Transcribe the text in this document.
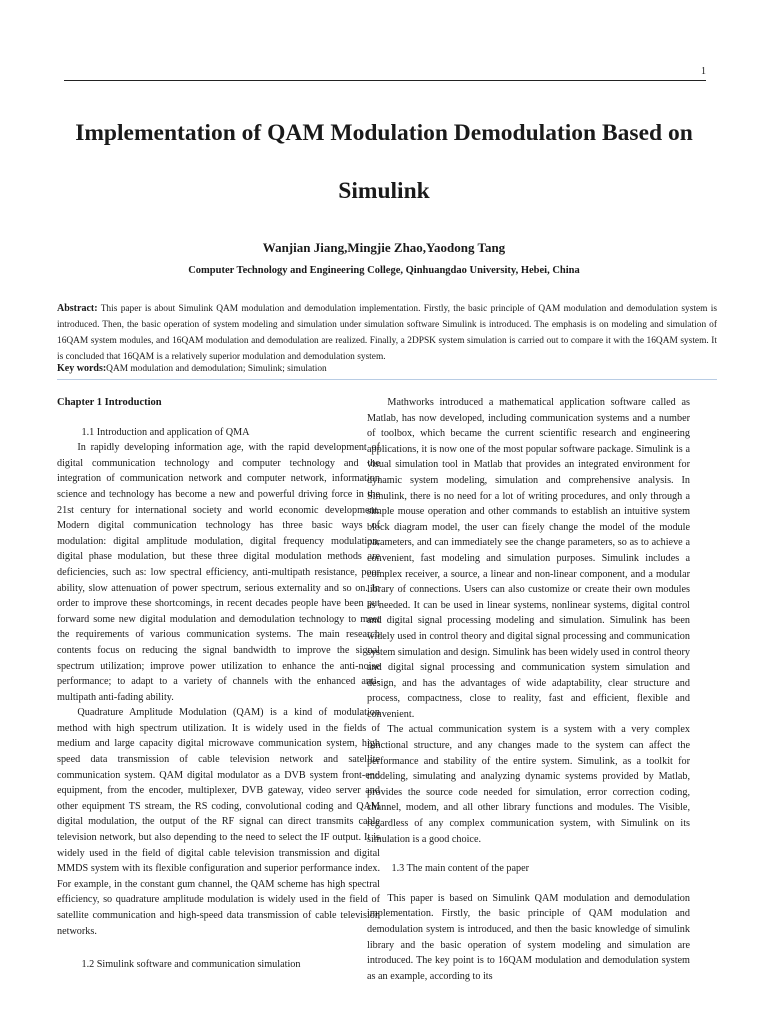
1
Implementation of QAM Modulation Demodulation Based on Simulink
Wanjian Jiang,Mingjie Zhao,Yaodong Tang
Computer Technology and Engineering College, Qinhuangdao University, Hebei, China

Abstract: This paper is about Simulink QAM modulation and demodulation implementation. Firstly, the basic principle of QAM modulation and demodulation system is introduced. Then, the basic operation of system modeling and simulation under simulation software Simulink is introduced. The emphasis is on modeling and simulation of 16QAM system modules, and 16QAM modulation and demodulation are realized. Finally, a 2DPSK system simulation is carried out to compare it with the 16QAM system. It is concluded that 16QAM is a relatively superior modulation and demodulation system.

Key words:QAM modulation and demodulation; Simulink; simulation

Chapter 1 Introduction

1.1 Introduction and application of QMA

In rapidly developing information age, with the rapid development of digital communication technology and computer technology and the integration of communication network and computer network, information science and technology has become a new and powerful driving force in the 21st century for international society and world economic development. Modern digital communication technology has three basic ways of modulation: digital amplitude modulation, digital frequency modulation, digital phase modulation, but these three digital modulation methods are deficiencies, such as: low spectral efficiency, anti-multipath resistance, poor ability, slow attenuation of power spectrum, serious externality and so on. In order to improve these shortcomings, in recent decades people have been put forward some new digital modulation and demodulation technology to meet the requirements of various communication systems. The main research contents focus on reducing the signal bandwidth to improve the signal spectrum utilization; improve power utilization to enhance the anti-noise performance; to adapt to a variety of channels with the enhanced anti-multipath anti-fading ability.

Quadrature Amplitude Modulation (QAM) is a kind of modulation method with high spectrum utilization. It is widely used in the fields of medium and large capacity digital microwave communication system, high speed data transmission of cable television network and satellite communication system. QAM digital modulator as a DVB system front-end equipment, from the encoder, multiplexer, DVB gateway, video server and other equipment TS stream, the RS coding, convolutional coding and QAM digital modulation, the output of the RF signal can direct transmits cable television network, but also depending to the need to select the IF output. It is widely used in the field of digital cable television transmission and digital MMDS system with its flexible configuration and superior performance index. For example, in the constant gum channel, the QAM scheme has high spectral efficiency, so quadrature amplitude modulation is widely used in the field of satellite communication and high-speed data transmission of cable television networks.

1.2 Simulink software and communication simulation

Mathworks introduced a mathematical application software called as Matlab, has now developed, including communication systems and a number of toolbox, which became the current scientific research and engineering applications, it is now one of the most popular software package. Simulink is a visual simulation tool in Matlab that provides an integrated environment for dynamic system modeling, simulation and comprehensive analysis. In Simulink, there is no need for a lot of writing procedures, and only through a simple mouse operation and other commands to establish an intuitive system block diagram model, the user can fiεely change the model of the module parameters, and can immediately see the change parameters, so as to achieve a convenient, fast modeling and simulation purposes. Simulink includes a complex receiver, a source, a linear and non-linear component, and a modular library of connections. Users can also customize or create their own modules as needed. It can be used in linear systems, nonlinear systems, digital control and digital signal processing modeling and simulation. Simulink has been widely used in control theory and digital signal processing and communication system simulation and design. Simulink has been widely used in control theory and digital signal processing and communication system simulation and design, and has the advantages of wide adaptability, clear structure and process, compactness, close to reality, fast and efficient, flexible and convenient.

The actual communication system is a system with a very complex functional structure, and any changes made to the system can affect the performance and stability of the entire system. Simulink, as a toolkit for modeling, simulating and analyzing dynamic systems provided by Matlab, provides the source code needed for simulation, error correction coding, channel, modem, and all other library functions and modules. The Visible, regardless of any complex communication system, with Simulink on its simulation is a good choice.

1.3 The main content of the paper

This paper is based on Simulink QAM modulation and demodulation implementation. Firstly, the basic principle of QAM modulation and demodulation system is introduced, and then the basic knowledge of simulink library and the basic operation of system modeling and simulation are introduced. The key point is to 16QAM modulation and demodulation system as an example, according to its
